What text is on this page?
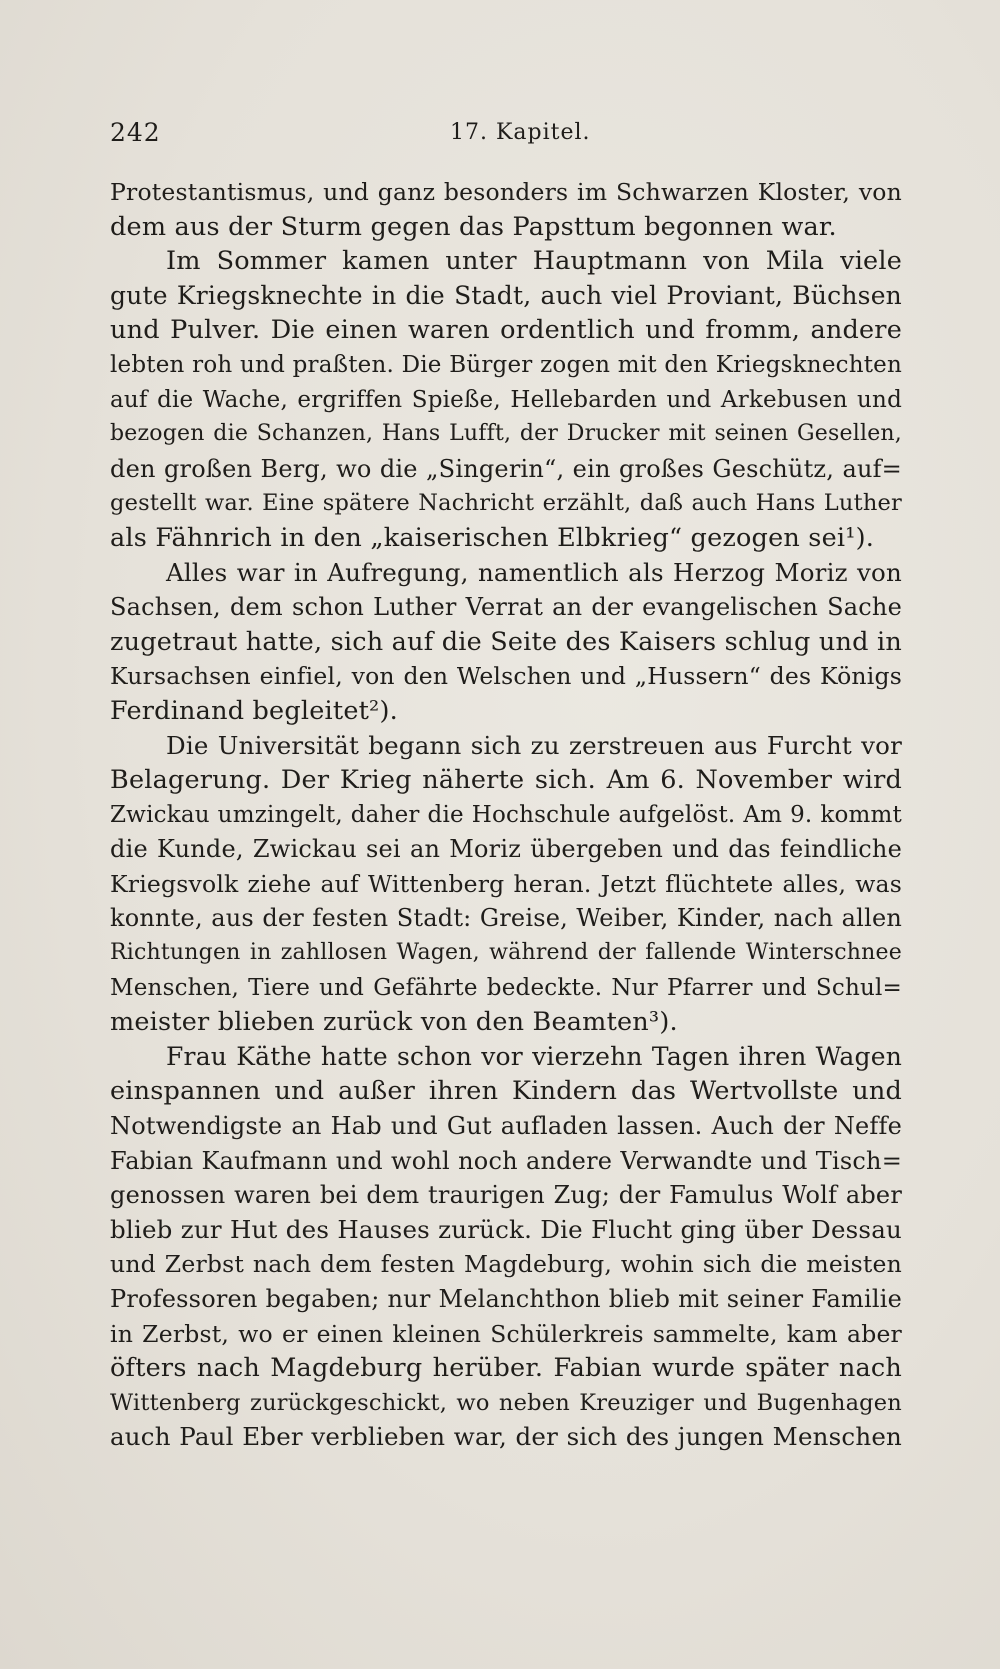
242	17. Kapitel.
Protestantismus, und ganz besonders im Schwarzen Kloster, von
dem aus der Sturm gegen das Papsttum begonnen war.
Im Sommer kamen unter Hauptmann von Mila viele
gute Kriegsknechte in die Stadt, auch viel Proviant, Büchsen
und Pulver. Die einen waren ordentlich und fromm, andere
lebten roh und praßten. Die Bürger zogen mit den Kriegsknechten
auf die Wache, ergriffen Spieße, Hellebarden und Arkebusen und
bezogen die Schanzen, Hans Lufft, der Drucker mit seinen Gesellen,
den großen Berg, wo die „Singerin“, ein großes Geschütz, auf=
gestellt war. Eine spätere Nachricht erzählt, daß auch Hans Luther
als Fähnrich in den „kaiserischen Elbkrieg“ gezogen sei¹).
Alles war in Aufregung, namentlich als Herzog Moriz von
Sachsen, dem schon Luther Verrat an der evangelischen Sache
zugetraut hatte, sich auf die Seite des Kaisers schlug und in
Kursachsen einfiel, von den Welschen und „Hussern“ des Königs
Ferdinand begleitet²).
Die Universität begann sich zu zerstreuen aus Furcht vor
Belagerung. Der Krieg näherte sich. Am 6. November wird
Zwickau umzingelt, daher die Hochschule aufgelöst. Am 9. kommt
die Kunde, Zwickau sei an Moriz übergeben und das feindliche
Kriegsvolk ziehe auf Wittenberg heran. Jetzt flüchtete alles, was
konnte, aus der festen Stadt: Greise, Weiber, Kinder, nach allen
Richtungen in zahllosen Wagen, während der fallende Winterschnee
Menschen, Tiere und Gefährte bedeckte. Nur Pfarrer und Schul=
meister blieben zurück von den Beamten³).
Frau Käthe hatte schon vor vierzehn Tagen ihren Wagen
einspannen und außer ihren Kindern das Wertvollste und
Notwendigste an Hab und Gut aufladen lassen. Auch der Neffe
Fabian Kaufmann und wohl noch andere Verwandte und Tisch=
genossen waren bei dem traurigen Zug; der Famulus Wolf aber
blieb zur Hut des Hauses zurück. Die Flucht ging über Dessau
und Zerbst nach dem festen Magdeburg, wohin sich die meisten
Professoren begaben; nur Melanchthon blieb mit seiner Familie
in Zerbst, wo er einen kleinen Schülerkreis sammelte, kam aber
öfters nach Magdeburg herüber. Fabian wurde später nach
Wittenberg zurückgeschickt, wo neben Kreuziger und Bugenhagen
auch Paul Eber verblieben war, der sich des jungen Menschen
